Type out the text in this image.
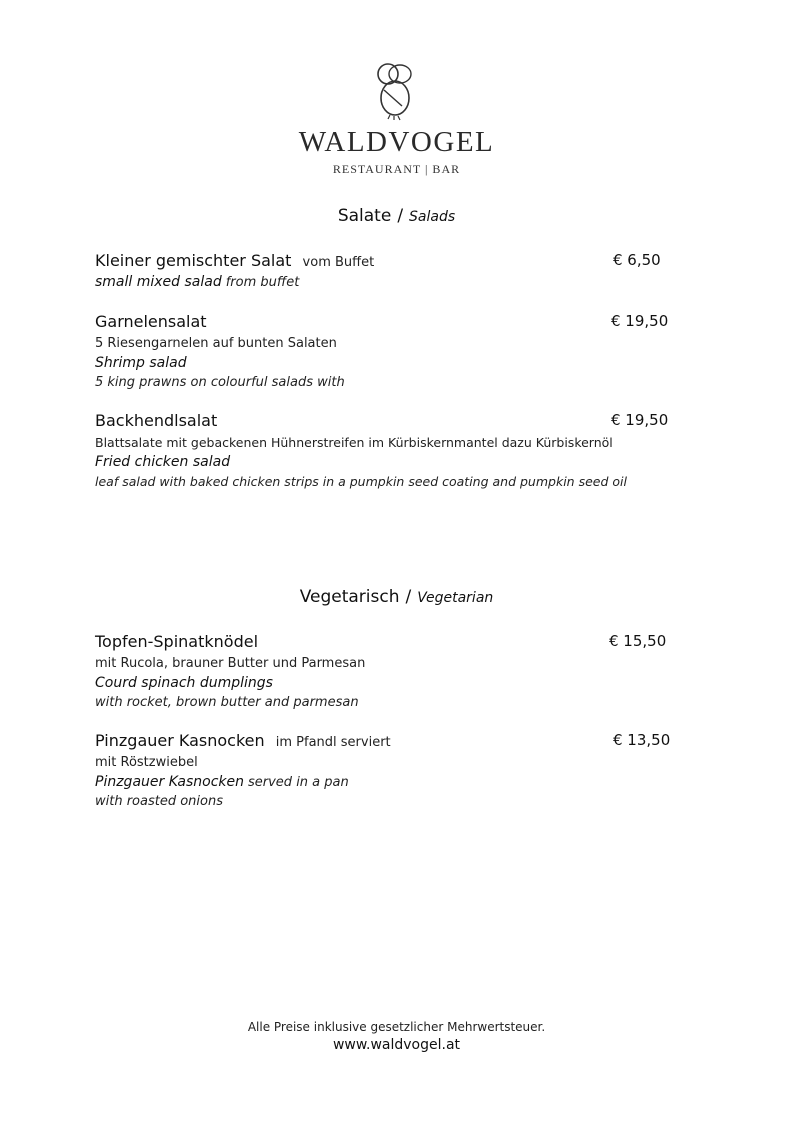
WALDVOGEL
RESTAURANT | BAR
Salate / Salads
Kleiner gemischter Salat vom Buffet	€ 6,50
small mixed salad from buffet
Garnelensalat	€ 19,50
5 Riesengarnelen auf bunten Salaten
Shrimp salad
5 king prawns on colourful salads with
Backhendlsalat	€ 19,50
Blattsalate mit gebackenen Hühnerstreifen im Kürbiskernmantel dazu Kürbiskernöl
Fried chicken salad
leaf salad with baked chicken strips in a pumpkin seed coating and pumpkin seed oil
Vegetarisch / Vegetarian
Topfen-Spinatknödel	€ 15,50
mit Rucola, brauner Butter und Parmesan
Courd spinach dumplings
with rocket, brown butter and parmesan
Pinzgauer Kasnocken im Pfandl serviert	€ 13,50
mit Röstzwiebel
Pinzgauer Kasnocken served in a pan
with roasted onions
Alle Preise inklusive gesetzlicher Mehrwertsteuer.
www.waldvogel.at
